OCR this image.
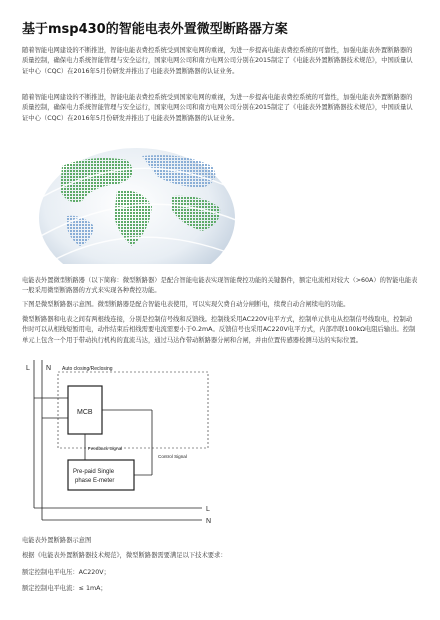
基于msp430的智能电表外置微型断路器方案
随着智能电网建设的不断推进，智能电能表费控系统受到国家电网的重视，为进一步提高电能表费控系统的可靠性，加强电能表外置断路器的质量控制，确保电力系统智能管理与安全运行，国家电网公司和南方电网公司分别在2015制定了《电能表外置断路器技术规范》，中国质量认证中心（CQC）在2016年5月份研发并推出了电能表外置断路器的认证业务。
随着智能电网建设的不断推进，智能电能表费控系统受到国家电网的重视，为进一步提高电能表费控系统的可靠性，加强电能表外置断路器的质量控制，确保电力系统智能管理与安全运行，国家电网公司和南方电网公司分别在2015制定了《电能表外置断路器技术规范》，中国质量认证中心（CQC）在2016年5月份研发并推出了电能表外置断路器的认证业务。
电能表外置微型断路器（以下简称：微型断路器）是配合智能电能表实现智能费控功能的关键器件，额定电流相对较大（>60A）的智能电能表一般采用微型断路器的方式来实现各种费控功能。
下图是微型断路器示意图。微型断路器是配合智能电表使用，可以实现欠费自动分闸断电，续费自动合闸续电的功能。
微型断路器和电表之间有两根线连接，分别是控制信号线和反馈线。控制线采用AC220V电平方式，控制单元供电从控制信号线取电，控制动作时可以从相线短暂用电，动作结束后相线需要电流需要小于0.2mA。反馈信号也采用AC220V电平方式，内部串联100kΩ电阻后输出。控制单元上包含一个用于带动执行机构的直流马达，通过马达作带动断路器分闸和合闸，并由位置传感器检测马达的实际位置。
L N Auto closing/Reclosing
MCB
Feedback Signal
Control Signal
Pre-paid Single
phase E-meter
L
N
电能表外置断路器示意图
根据《电能表外置断路器技术规范》，微型断路器需要满足以下技术要求：
额定控制电平电压：AC220V；
额定控制电平电流：≤ 1mA；
